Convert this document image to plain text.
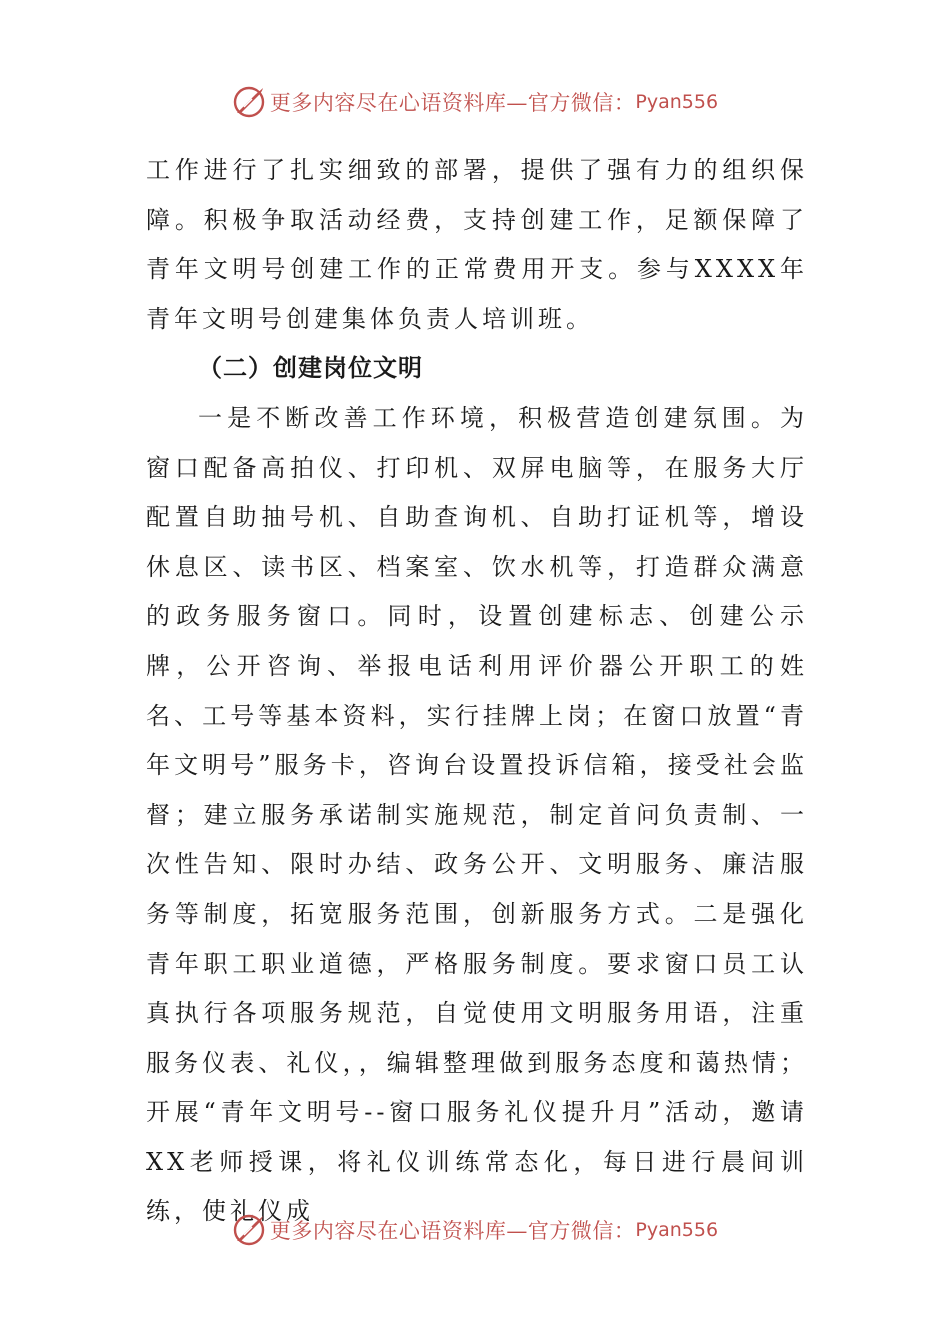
更多内容尽在心语资料库—官方微信： Pyan556

工作进行了扎实细致的部署，提供了强有力的组织保障。积极争取活动经费，支持创建工作，足额保障了青年文明号创建工作的正常费用开支。参与XXXX年青年文明号创建集体负责人培训班。

（二）创建岗位文明

一是不断改善工作环境，积极营造创建氛围。为窗口配备高拍仪、打印机、双屏电脑等，在服务大厅配置自助抽号机、自助查询机、自助打证机等，增设休息区、读书区、档案室、饮水机等，打造群众满意的政务服务窗口。同时，设置创建标志、创建公示牌，公开咨询、举报电话利用评价器公开职工的姓名、工号等基本资料，实行挂牌上岗；在窗口放置“青年文明号”服务卡，咨询台设置投诉信箱，接受社会监督；建立服务承诺制实施规范，制定首问负责制、一次性告知、限时办结、政务公开、文明服务、廉洁服务等制度，拓宽服务范围，创新服务方式。二是强化青年职工职业道德，严格服务制度。要求窗口员工认真执行各项服务规范，自觉使用文明服务用语，注重服务仪表、礼仪，，编辑整理做到服务态度和蔼热情；开展“青年文明号--窗口服务礼仪提升月”活动，邀请XX老师授课，将礼仪训练常态化，每日进行晨间训练，使礼仪成

更多内容尽在心语资料库—官方微信： Pyan556
